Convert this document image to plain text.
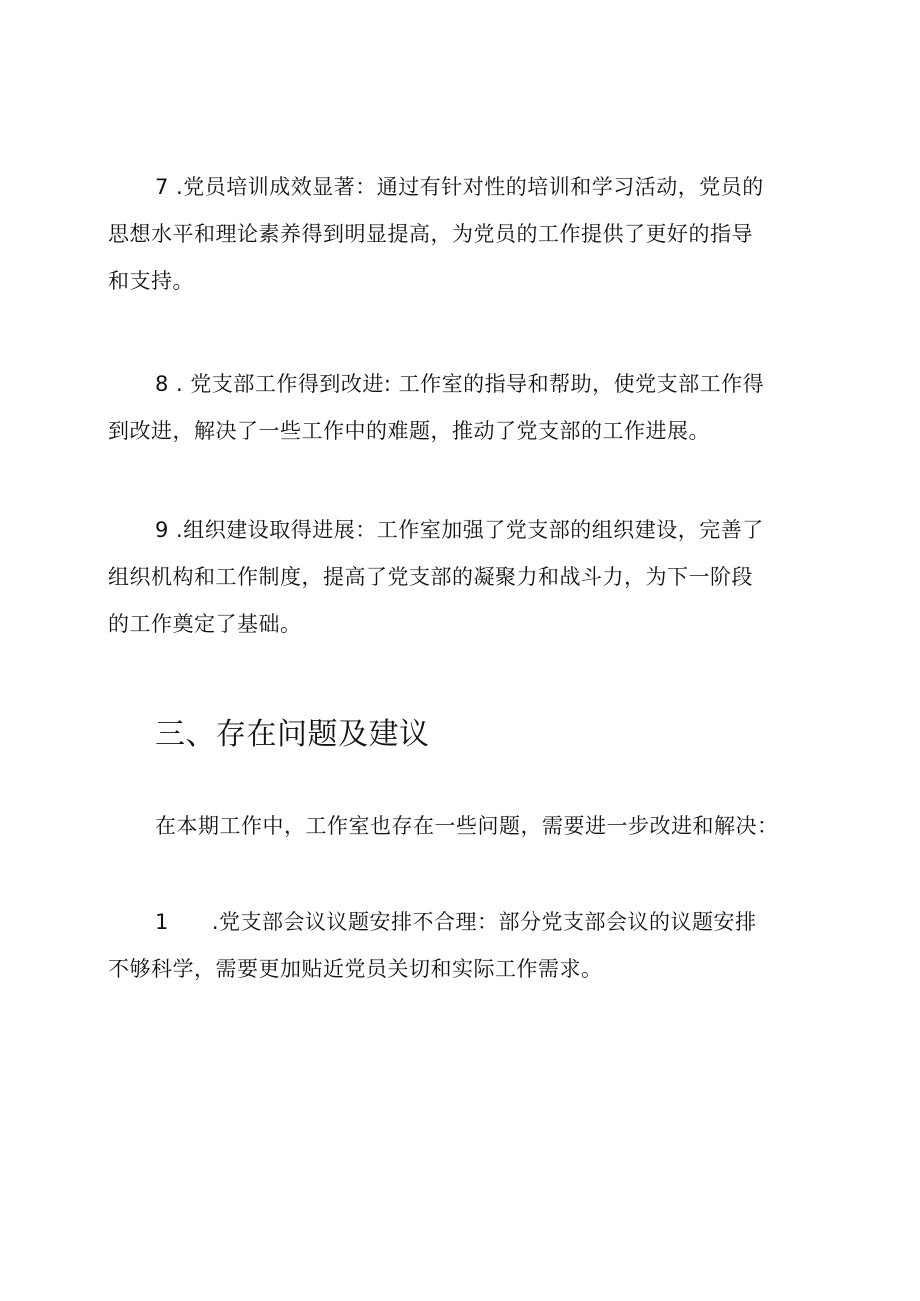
7 .党员培训成效显著：通过有针对性的培训和学习活动，党员的
思想水平和理论素养得到明显提高，为党员的工作提供了更好的指导
和支持。

8 . 党支部工作得到改进: 工作室的指导和帮助，使党支部工作得
到改进，解决了一些工作中的难题，推动了党支部的工作进展。

9 .组织建设取得进展：工作室加强了党支部的组织建设，完善了
组织机构和工作制度，提高了党支部的凝聚力和战斗力，为下一阶段
的工作奠定了基础。

三、存在问题及建议

在本期工作中，工作室也存在一些问题，需要进一步改进和解决：

1　　.党支部会议议题安排不合理：部分党支部会议的议题安排
不够科学，需要更加贴近党员关切和实际工作需求。
